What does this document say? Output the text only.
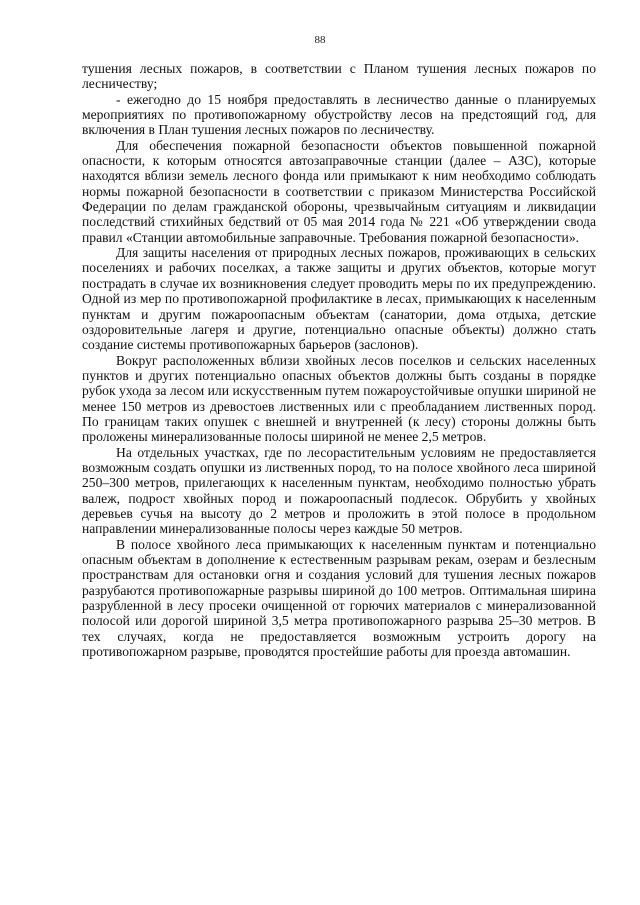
88

тушения лесных пожаров, в соответствии с Планом тушения лесных пожаров по лесничеству;

- ежегодно до 15 ноября предоставлять в лесничество данные о планируемых мероприятиях по противопожарному обустройству лесов на предстоящий год, для включения в План тушения лесных пожаров по лесничеству.

Для обеспечения пожарной безопасности объектов повышенной пожарной опасности, к которым относятся автозаправочные станции (далее – АЗС), которые находятся вблизи земель лесного фонда или примыкают к ним необходимо соблюдать нормы пожарной безопасности в соответствии с приказом Министерства Российской Федерации по делам гражданской обороны, чрезвычайным ситуациям и ликвидации последствий стихийных бедствий от 05 мая 2014 года № 221 «Об утверждении свода правил «Станции автомобильные заправочные. Требования пожарной безопасности».

Для защиты населения от природных лесных пожаров, проживающих в сельских поселениях и рабочих поселках, а также защиты и других объектов, которые могут пострадать в случае их возникновения следует проводить меры по их предупреждению. Одной из мер по противопожарной профилактике в лесах, примыкающих к населенным пунктам и другим пожароопасным объектам (санатории, дома отдыха, детские оздоровительные лагеря и другие, потенциально опасные объекты) должно стать создание системы противопожарных барьеров (заслонов).

Вокруг расположенных вблизи хвойных лесов поселков и сельских населенных пунктов и других потенциально опасных объектов должны быть созданы в порядке рубок ухода за лесом или искусственным путем пожароустойчивые опушки шириной не менее 150 метров из древостоев лиственных или с преобладанием лиственных пород. По границам таких опушек с внешней и внутренней (к лесу) стороны должны быть проложены минерализованные полосы шириной не менее 2,5 метров.

На отдельных участках, где по лесорастительным условиям не предоставляется возможным создать опушки из лиственных пород, то на полосе хвойного леса шириной 250–300 метров, прилегающих к населенным пунктам, необходимо полностью убрать валеж, подрост хвойных пород и пожароопасный подлесок. Обрубить у хвойных деревьев сучья на высоту до 2 метров и проложить в этой полосе в продольном направлении минерализованные полосы через каждые 50 метров.

В полосе хвойного леса примыкающих к населенным пунктам и потенциально опасным объектам в дополнение к естественным разрывам рекам, озерам и безлесным пространствам для остановки огня и создания условий для тушения лесных пожаров разрубаются противопожарные разрывы шириной до 100 метров. Оптимальная ширина разрубленной в лесу просеки очищенной от горючих материалов с минерализованной полосой или дорогой шириной 3,5 метра противопожарного разрыва 25–30 метров. В тех случаях, когда не предоставляется возможным устроить дорогу на противопожарном разрыве, проводятся простейшие работы для проезда автомашин.
